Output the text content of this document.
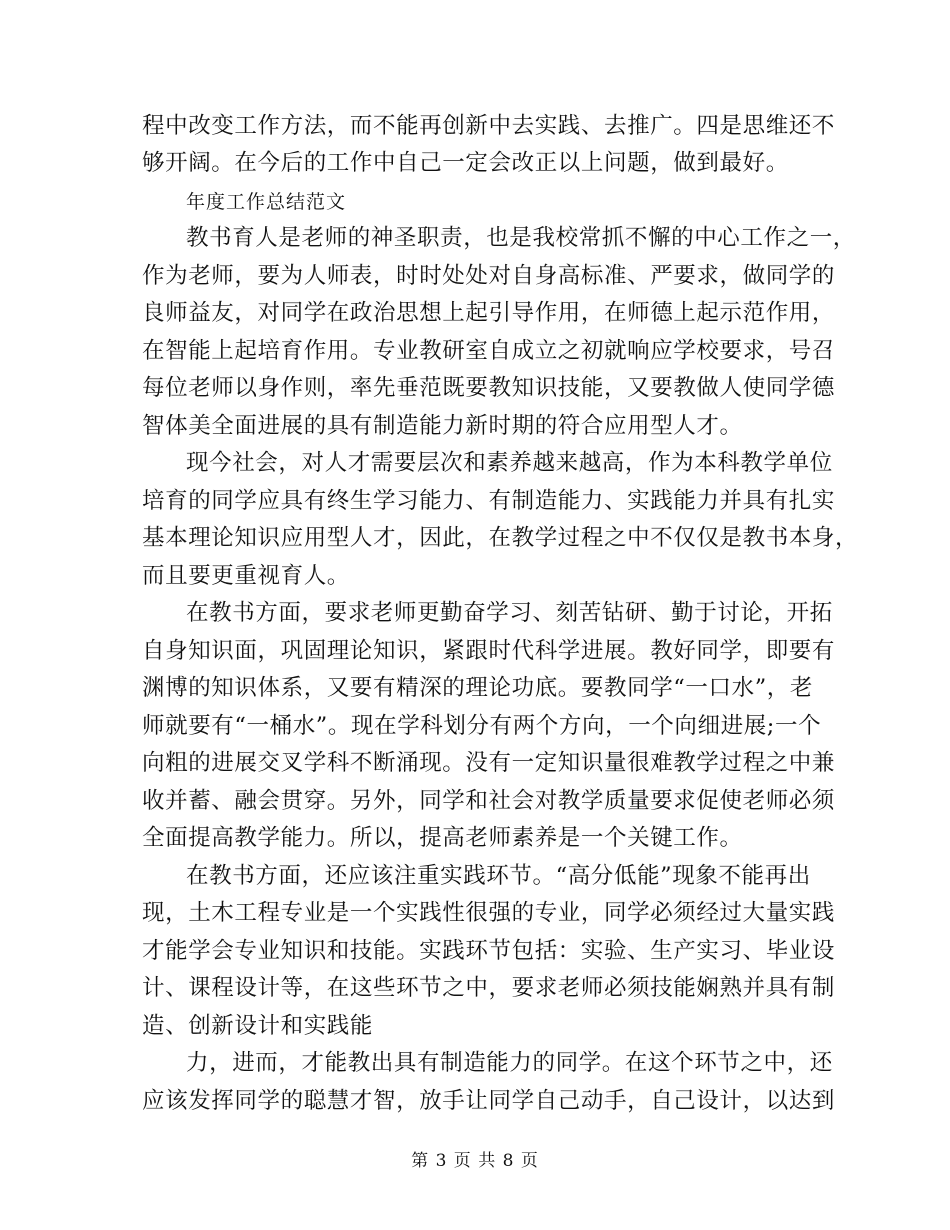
程中改变工作方法，而不能再创新中去实践、去推广。四是思维还不
够开阔。在今后的工作中自己一定会改正以上问题，做到最好。
年度工作总结范文
教书育人是老师的神圣职责，也是我校常抓不懈的中心工作之一，
作为老师，要为人师表，时时处处对自身高标准、严要求，做同学的
良师益友，对同学在政治思想上起引导作用，在师德上起示范作用，
在智能上起培育作用。专业教研室自成立之初就响应学校要求，号召
每位老师以身作则，率先垂范既要教知识技能，又要教做人使同学德
智体美全面进展的具有制造能力新时期的符合应用型人才。
现今社会，对人才需要层次和素养越来越高，作为本科教学单位
培育的同学应具有终生学习能力、有制造能力、实践能力并具有扎实
基本理论知识应用型人才，因此，在教学过程之中不仅仅是教书本身，
而且要更重视育人。
在教书方面，要求老师更勤奋学习、刻苦钻研、勤于讨论，开拓
自身知识面，巩固理论知识，紧跟时代科学进展。教好同学，即要有
渊博的知识体系，又要有精深的理论功底。要教同学“一口水”，老
师就要有“一桶水”。现在学科划分有两个方向，一个向细进展;一个
向粗的进展交叉学科不断涌现。没有一定知识量很难教学过程之中兼
收并蓄、融会贯穿。另外，同学和社会对教学质量要求促使老师必须
全面提高教学能力。所以，提高老师素养是一个关键工作。
在教书方面，还应该注重实践环节。“高分低能”现象不能再出
现，土木工程专业是一个实践性很强的专业，同学必须经过大量实践
才能学会专业知识和技能。实践环节包括：实验、生产实习、毕业设
计、课程设计等，在这些环节之中，要求老师必须技能娴熟并具有制
造、创新设计和实践能
力，进而，才能教出具有制造能力的同学。在这个环节之中，还
应该发挥同学的聪慧才智，放手让同学自己动手，自己设计，以达到
第 3 页 共 8 页
